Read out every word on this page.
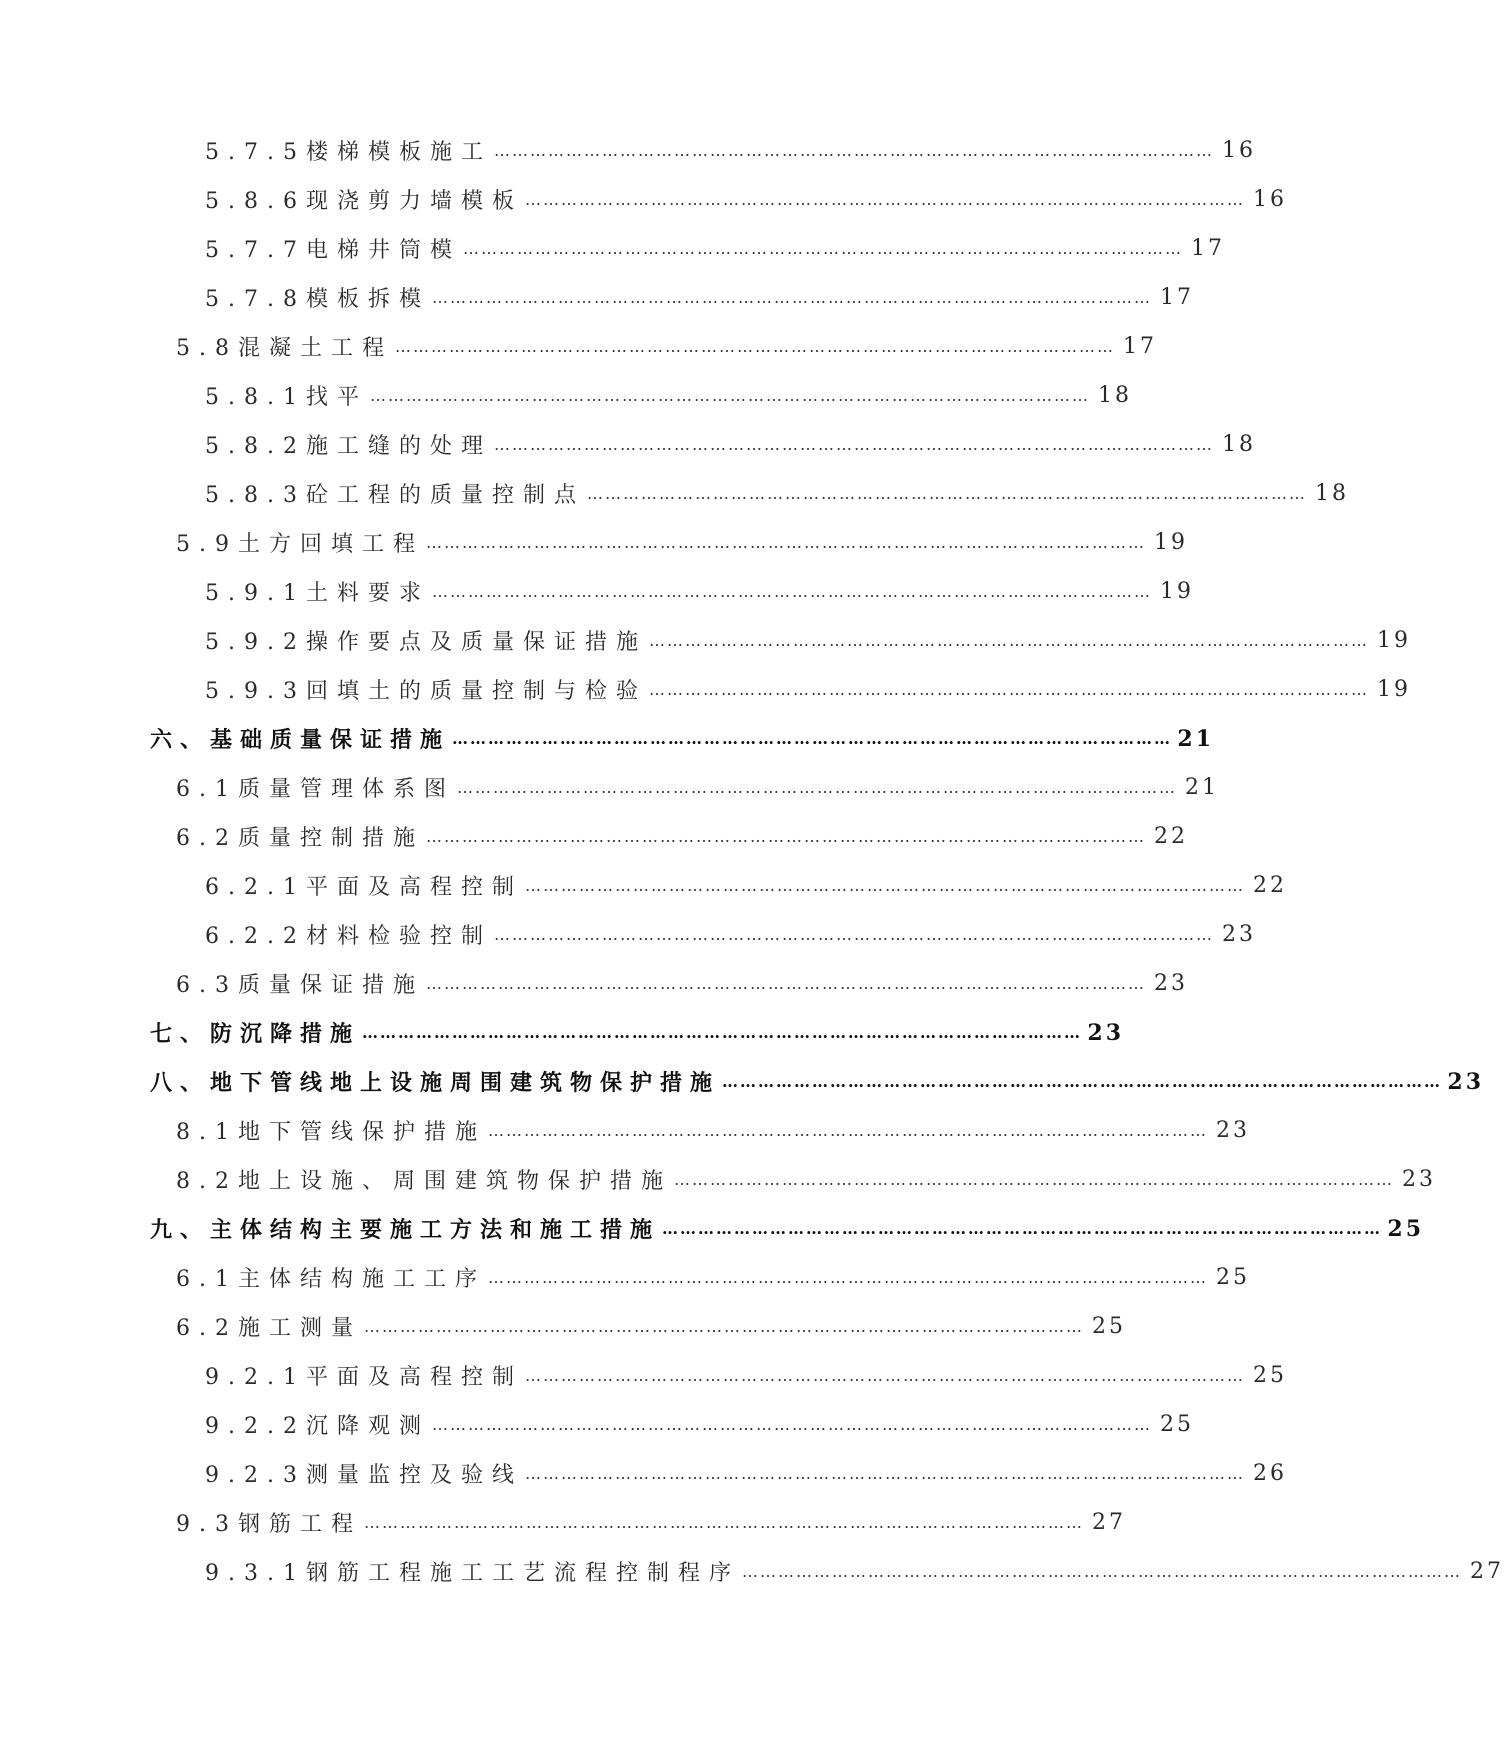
5.7.5楼梯模板施工 ………………………………………………………………………………………………………… 16
5.8.6现浇剪力墙模板 ………………………………………………………………………………………………………… 16
5.7.7电梯井筒模 ………………………………………………………………………………………………………… 17
5.7.8模板拆模 ………………………………………………………………………………………………………… 17
5.8混凝土工程 ………………………………………………………………………………………………………… 17
5.8.1找平 ………………………………………………………………………………………………………… 18
5.8.2施工缝的处理 ………………………………………………………………………………………………………… 18
5.8.3砼工程的质量控制点 ………………………………………………………………………………………………………… 18
5.9土方回填工程 ………………………………………………………………………………………………………… 19
5.9.1土料要求 ………………………………………………………………………………………………………… 19
5.9.2操作要点及质量保证措施 ………………………………………………………………………………………………………… 19
5.9.3回填土的质量控制与检验 ………………………………………………………………………………………………………… 19
六、基础质量保证措施 ………………………………………………………………………………………………………… 21
6.1质量管理体系图 ………………………………………………………………………………………………………… 21
6.2质量控制措施 ………………………………………………………………………………………………………… 22
6.2.1平面及高程控制 ………………………………………………………………………………………………………… 22
6.2.2材料检验控制 ………………………………………………………………………………………………………… 23
6.3质量保证措施 ………………………………………………………………………………………………………… 23
七、防沉降措施 ………………………………………………………………………………………………………… 23
八、地下管线地上设施周围建筑物保护措施 ………………………………………………………………………………………………………… 23
8.1地下管线保护措施 ………………………………………………………………………………………………………… 23
8.2地上设施、周围建筑物保护措施 ………………………………………………………………………………………………………… 23
九、主体结构主要施工方法和施工措施 ………………………………………………………………………………………………………… 25
6.1主体结构施工工序 ………………………………………………………………………………………………………… 25
6.2施工测量 ………………………………………………………………………………………………………… 25
9.2.1平面及高程控制 ………………………………………………………………………………………………………… 25
9.2.2沉降观测 ………………………………………………………………………………………………………… 25
9.2.3测量监控及验线 ………………………………………………………………………………………………………… 26
9.3钢筋工程 ………………………………………………………………………………………………………… 27
9.3.1钢筋工程施工工艺流程控制程序 ………………………………………………………………………………………………………… 27
